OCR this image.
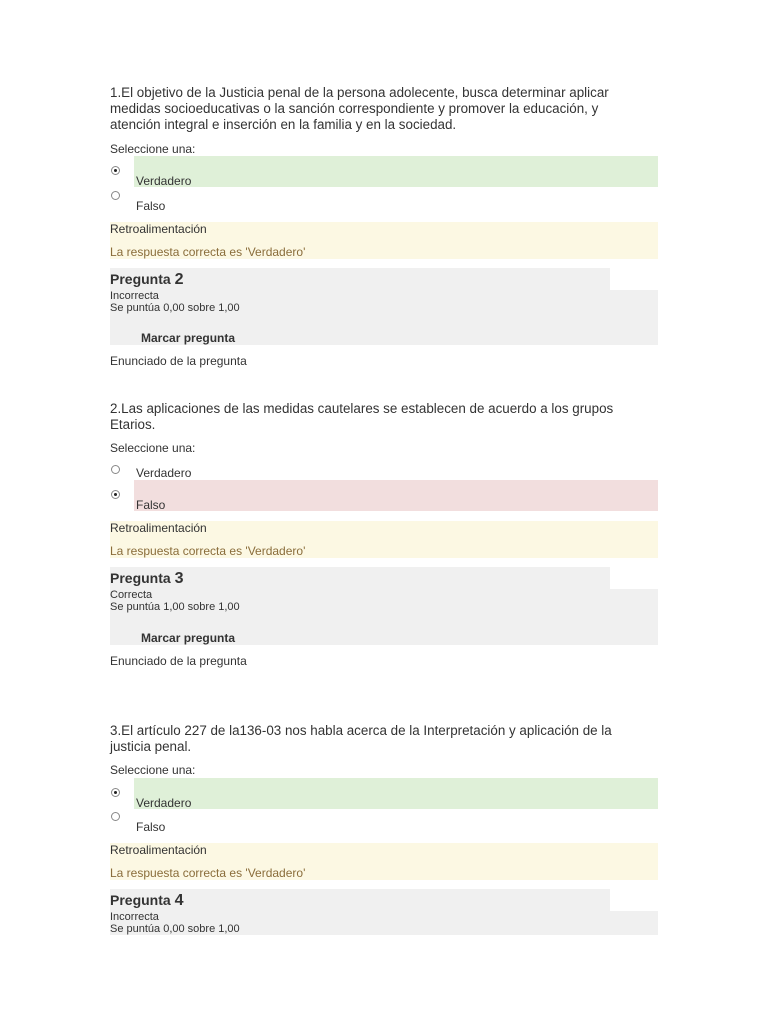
1.El objetivo de la Justicia penal de la persona adolecente, busca determinar aplicar medidas socioeducativas o la sanción correspondiente y promover la educación, y atención integral e inserción en la familia y en la sociedad.
Seleccione una:
Verdadero
Falso
Retroalimentación
La respuesta correcta es 'Verdadero'
Pregunta 2
Incorrecta
Se puntúa 0,00 sobre 1,00
Marcar pregunta
Enunciado de la pregunta
2.Las aplicaciones de las medidas cautelares se establecen de acuerdo a los grupos Etarios.
Seleccione una:
Verdadero
Falso
Retroalimentación
La respuesta correcta es 'Verdadero'
Pregunta 3
Correcta
Se puntúa 1,00 sobre 1,00
Marcar pregunta
Enunciado de la pregunta
3.El artículo 227 de la136-03 nos habla acerca de la Interpretación y aplicación de la justicia penal.
Seleccione una:
Verdadero
Falso
Retroalimentación
La respuesta correcta es 'Verdadero'
Pregunta 4
Incorrecta
Se puntúa 0,00 sobre 1,00
